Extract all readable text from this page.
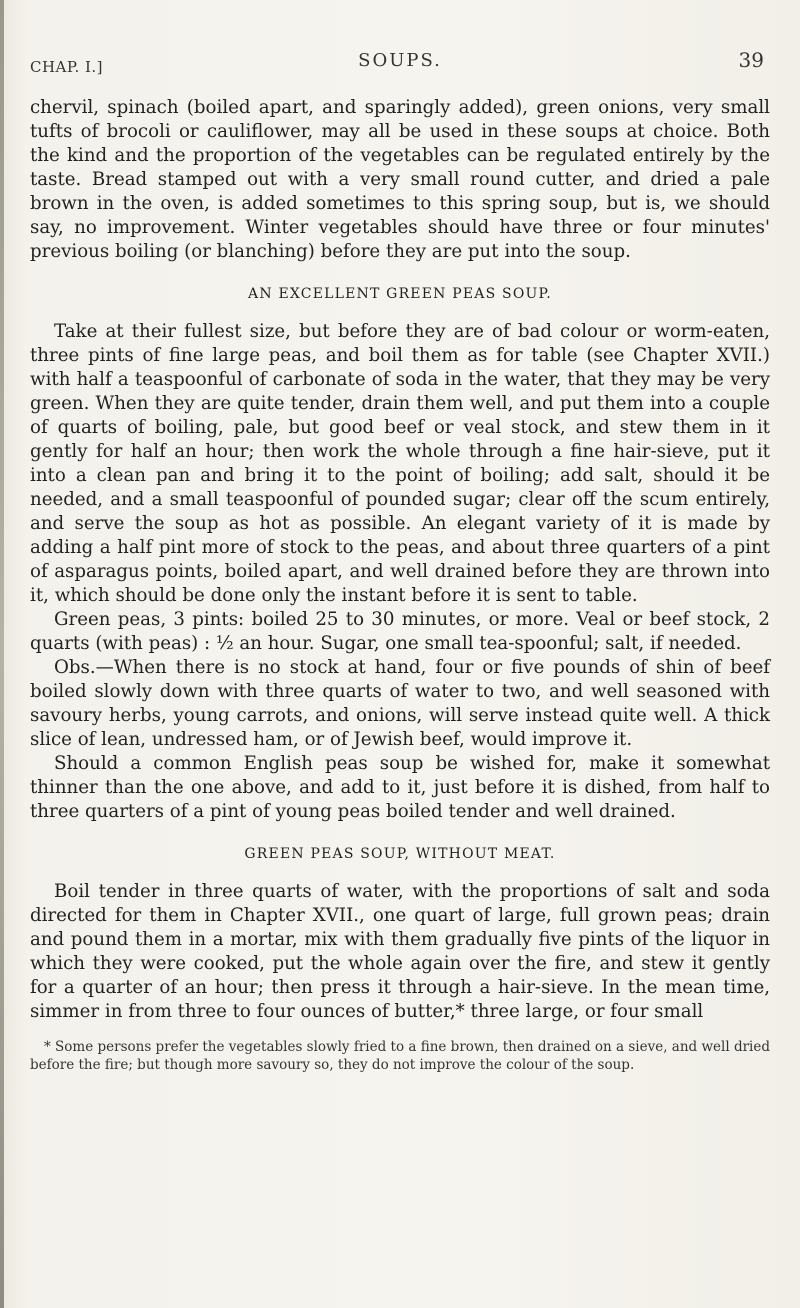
CHAP. I.]	SOUPS.	39

chervil, spinach (boiled apart, and sparingly added), green onions, very small tufts of brocoli or cauliflower, may all be used in these soups at choice. Both the kind and the proportion of the vegetables can be regulated entirely by the taste. Bread stamped out with a very small round cutter, and dried a pale brown in the oven, is added sometimes to this spring soup, but is, we should say, no improvement. Winter vegetables should have three or four minutes' previous boiling (or blanching) before they are put into the soup.

AN EXCELLENT GREEN PEAS SOUP.

Take at their fullest size, but before they are of bad colour or worm-eaten, three pints of fine large peas, and boil them as for table (see Chapter XVII.) with half a teaspoonful of carbonate of soda in the water, that they may be very green. When they are quite tender, drain them well, and put them into a couple of quarts of boiling, pale, but good beef or veal stock, and stew them in it gently for half an hour; then work the whole through a fine hair-sieve, put it into a clean pan and bring it to the point of boiling; add salt, should it be needed, and a small teaspoonful of pounded sugar; clear off the scum entirely, and serve the soup as hot as possible. An elegant variety of it is made by adding a half pint more of stock to the peas, and about three quarters of a pint of asparagus points, boiled apart, and well drained before they are thrown into it, which should be done only the instant before it is sent to table.

Green peas, 3 pints: boiled 25 to 30 minutes, or more. Veal or beef stock, 2 quarts (with peas) : ½ an hour. Sugar, one small tea-spoonful; salt, if needed.

Obs.—When there is no stock at hand, four or five pounds of shin of beef boiled slowly down with three quarts of water to two, and well seasoned with savoury herbs, young carrots, and onions, will serve instead quite well. A thick slice of lean, undressed ham, or of Jewish beef, would improve it.

Should a common English peas soup be wished for, make it somewhat thinner than the one above, and add to it, just before it is dished, from half to three quarters of a pint of young peas boiled tender and well drained.

GREEN PEAS SOUP, WITHOUT MEAT.

Boil tender in three quarts of water, with the proportions of salt and soda directed for them in Chapter XVII., one quart of large, full grown peas; drain and pound them in a mortar, mix with them gradually five pints of the liquor in which they were cooked, put the whole again over the fire, and stew it gently for a quarter of an hour; then press it through a hair-sieve. In the mean time, simmer in from three to four ounces of butter,* three large, or four small

* Some persons prefer the vegetables slowly fried to a fine brown, then drained on a sieve, and well dried before the fire; but though more savoury so, they do not improve the colour of the soup.
